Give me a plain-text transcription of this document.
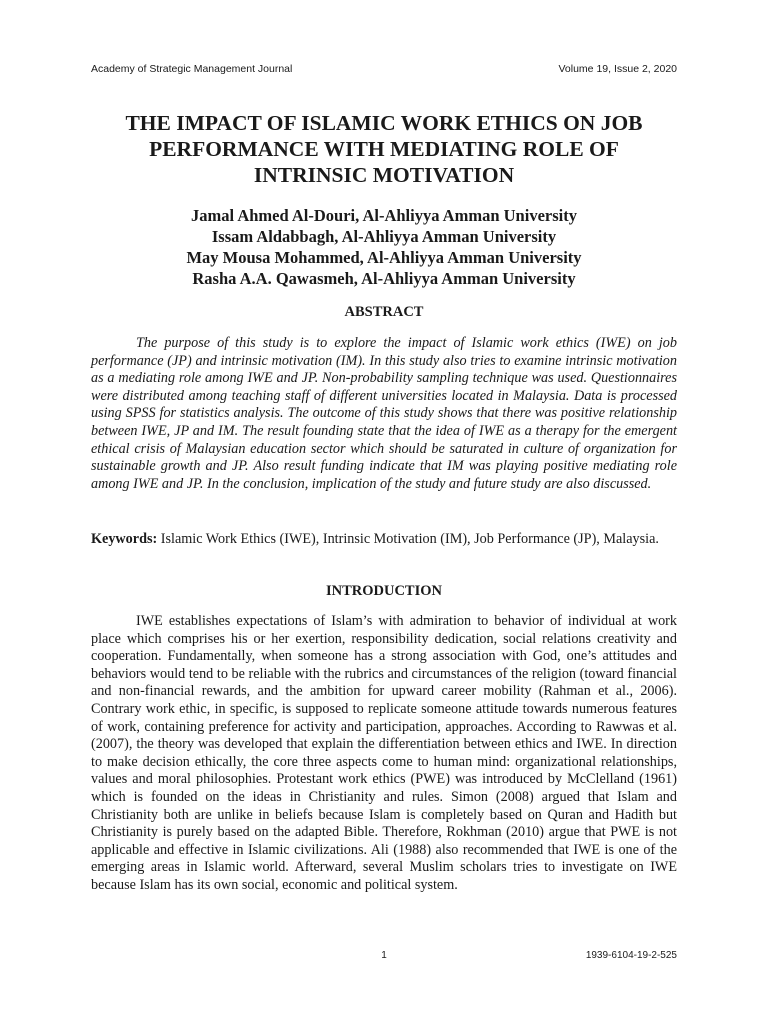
Academy of Strategic Management Journal	Volume 19, Issue 2, 2020
THE IMPACT OF ISLAMIC WORK ETHICS ON JOB PERFORMANCE WITH MEDIATING ROLE OF INTRINSIC MOTIVATION
Jamal Ahmed Al-Douri, Al-Ahliyya Amman University
Issam Aldabbagh, Al-Ahliyya Amman University
May Mousa Mohammed, Al-Ahliyya Amman University
Rasha A.A. Qawasmeh, Al-Ahliyya Amman University
ABSTRACT

The purpose of this study is to explore the impact of Islamic work ethics (IWE) on job performance (JP) and intrinsic motivation (IM). In this study also tries to examine intrinsic motivation as a mediating role among IWE and JP. Non-probability sampling technique was used. Questionnaires were distributed among teaching staff of different universities located in Malaysia. Data is processed using SPSS for statistics analysis. The outcome of this study shows that there was positive relationship between IWE, JP and IM. The result founding state that the idea of IWE as a therapy for the emergent ethical crisis of Malaysian education sector which should be saturated in culture of organization for sustainable growth and JP. Also result funding indicate that IM was playing positive mediating role among IWE and JP. In the conclusion, implication of the study and future study are also discussed.

Keywords: Islamic Work Ethics (IWE), Intrinsic Motivation (IM), Job Performance (JP), Malaysia.

INTRODUCTION

IWE establishes expectations of Islam’s with admiration to behavior of individual at work place which comprises his or her exertion, responsibility dedication, social relations creativity and cooperation. Fundamentally, when someone has a strong association with God, one’s attitudes and behaviors would tend to be reliable with the rubrics and circumstances of the religion (toward financial and non-financial rewards, and the ambition for upward career mobility (Rahman et al., 2006). Contrary work ethic, in specific, is supposed to replicate someone attitude towards numerous features of work, containing preference for activity and participation, approaches. According to Rawwas et al. (2007), the theory was developed that explain the differentiation between ethics and IWE. In direction to make decision ethically, the core three aspects come to human mind: organizational relationships, values and moral philosophies. Protestant work ethics (PWE) was introduced by McClelland (1961) which is founded on the ideas in Christianity and rules. Simon (2008) argued that Islam and Christianity both are unlike in beliefs because Islam is completely based on Quran and Hadith but Christianity is purely based on the adapted Bible. Therefore, Rokhman (2010) argue that PWE is not applicable and effective in Islamic civilizations. Ali (1988) also recommended that IWE is one of the emerging areas in Islamic world. Afterward, several Muslim scholars tries to investigate on IWE because Islam has its own social, economic and political system.

1	1939-6104-19-2-525
